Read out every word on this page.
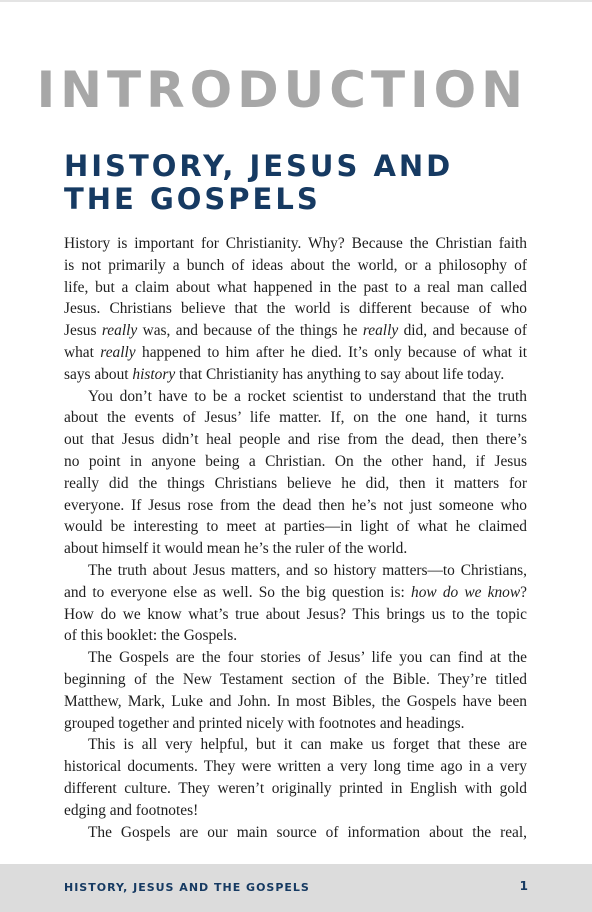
INTRODUCTION
HISTORY, JESUS AND
THE GOSPELS
History is important for Christianity. Why? Because the Christian faith
is not primarily a bunch of ideas about the world, or a philosophy of
life, but a claim about what happened in the past to a real man called
Jesus. Christians believe that the world is different because of who
Jesus really was, and because of the things he really did, and because of
what really happened to him after he died. It’s only because of what it
says about history that Christianity has anything to say about life today.
You don’t have to be a rocket scientist to understand that the truth
about the events of Jesus’ life matter. If, on the one hand, it turns
out that Jesus didn’t heal people and rise from the dead, then there’s
no point in anyone being a Christian. On the other hand, if Jesus
really did the things Christians believe he did, then it matters for
everyone. If Jesus rose from the dead then he’s not just someone who
would be interesting to meet at parties—in light of what he claimed
about himself it would mean he’s the ruler of the world.
The truth about Jesus matters, and so history matters—to Christians,
and to everyone else as well. So the big question is: how do we know?
How do we know what’s true about Jesus? This brings us to the topic
of this booklet: the Gospels.
The Gospels are the four stories of Jesus’ life you can find at the
beginning of the New Testament section of the Bible. They’re titled
Matthew, Mark, Luke and John. In most Bibles, the Gospels have been
grouped together and printed nicely with footnotes and headings.
This is all very helpful, but it can make us forget that these are
historical documents. They were written a very long time ago in a very
different culture. They weren’t originally printed in English with gold
edging and footnotes!
The Gospels are our main source of information about the real,
HISTORY, JESUS AND THE GOSPELS	1
